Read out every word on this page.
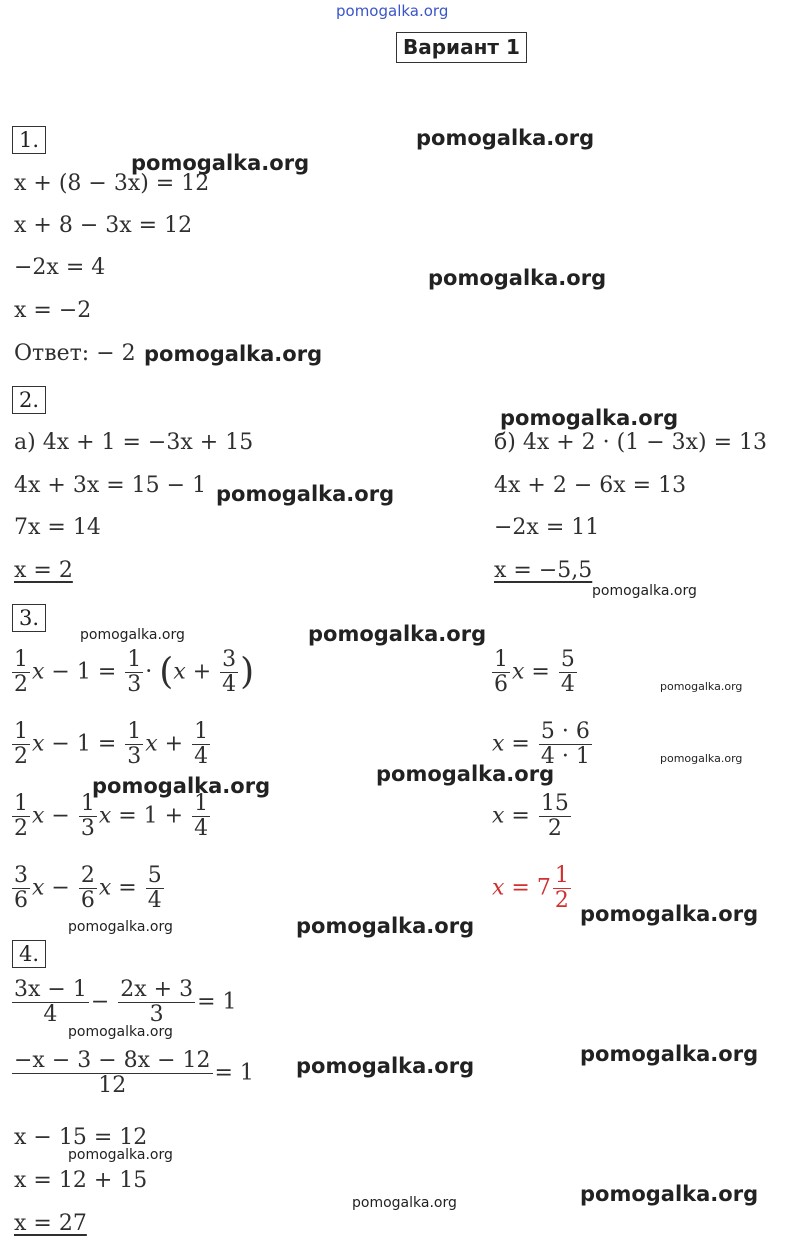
pomogalka.org
Вариант 1
1.
x + (8 − 3x) = 12
x + 8 − 3x = 12
−2x = 4
x = −2
Ответ: − 2
2.
а) 4x + 1 = −3x + 15
4x + 3x = 15 − 1
7x = 14
x = 2
б) 4x + 2 · (1 − 3x) = 13
4x + 2 − 6x = 13
−2x = 11
x = −5,5
3.
$\frac{1}{2}$ $x - 1 = \frac{1}{3} \cdot (x + \frac{3}{4}$ )
$\frac{1}{2}$ $x - 1 = \frac{1}{3}$ $x + \frac{1}{4}$
$\frac{1}{2}$ $x - \frac{1}{3}$ $x = 1 + \frac{1}{4}$
$\frac{3}{6}$ $x - \frac{2}{6}$ $x = \frac{5}{4}$
$\frac{1}{6}$ $x = \frac{5}{4}$
$x = \frac{5 \cdot 6}{4 \cdot 1}$
$x = \frac{15}{2}$
$x = 7 \frac{1}{2}$
4.
$\frac{3x - 1}{4} - \frac{2x + 3}{3} = 1$
$\frac{-x - 3 - 8x - 12}{12} = 1$
x − 15 = 12
x = 12 + 15
x = 27
pomogalka.org
pomogalka.org
pomogalka.org
pomogalka.org
pomogalka.org
pomogalka.org
pomogalka.org
pomogalka.org	pomogalka.org
pomogalka.org
pomogalka.org
pomogalka.org
pomogalka.org
pomogalka.org
pomogalka.org	pomogalka.org
pomogalka.org
pomogalka.org
pomogalka.org
pomogalka.org
pomogalka.org
pomogalka.org
